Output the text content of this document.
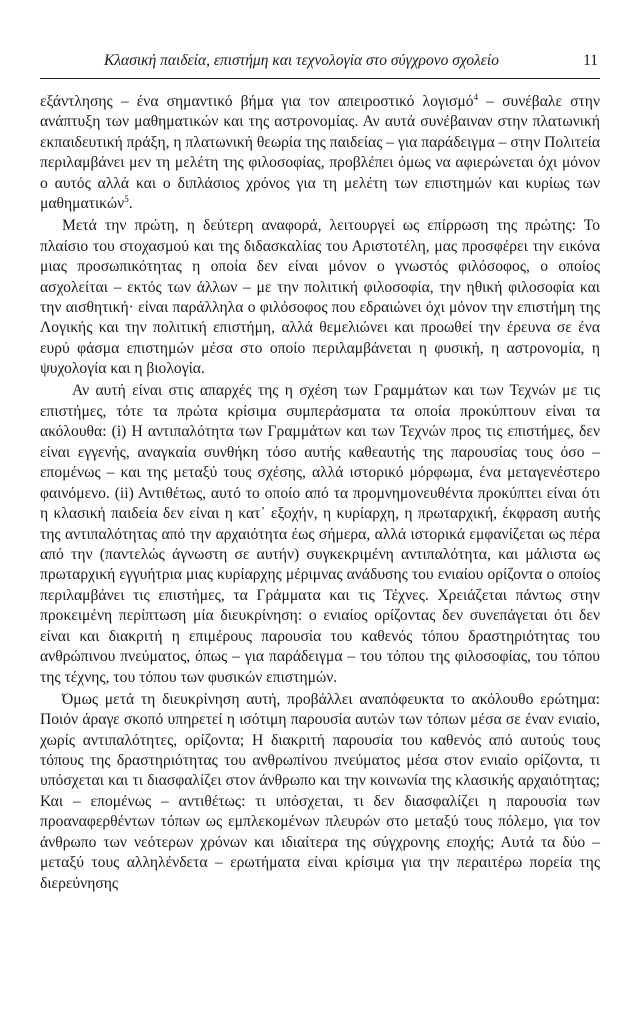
Κλασική παιδεία, επιστήμη και τεχνολογία στο σύγχρονο σχολείο	11

εξάντλησης – ένα σημαντικό βήμα για τον απειροστικό λογισμό$^4$ – συνέβαλε στην ανάπτυξη των μαθηματικών και της αστρονομίας. Αν αυτά συνέβαιναν στην πλατωνική εκπαιδευτική πράξη, η πλατωνική θεωρία της παιδείας – για παράδειγμα – στην Πολιτεία περιλαμβάνει μεν τη μελέτη της φιλοσοφίας, προβλέπει όμως να αφιερώνεται όχι μόνον ο αυτός αλλά και ο διπλάσιος χρόνος για τη μελέτη των επιστημών και κυρίως των μαθηματικών$^5$.

Μετά την πρώτη, η δεύτερη αναφορά, λειτουργεί ως επίρρωση της πρώτης: Το πλαίσιο του στοχασμού και της διδασκαλίας του Αριστοτέλη, μας προσφέρει την εικόνα μιας προσωπικότητας η οποία δεν είναι μόνον ο γνωστός φιλόσοφος, ο οποίος ασχολείται – εκτός των άλλων – με την πολιτική φιλοσοφία, την ηθική φιλοσοφία και την αισθητική· είναι παράλληλα ο φιλόσοφος που εδραιώνει όχι μόνον την επιστήμη της Λογικής και την πολιτική επιστήμη, αλλά θεμελιώνει και προωθεί την έρευνα σε ένα ευρύ φάσμα επιστημών μέσα στο οποίο περιλαμβάνεται η φυσική, η αστρονομία, η ψυχολογία και η βιολογία.

Αν αυτή είναι στις απαρχές της η σχέση των Γραμμάτων και των Τεχνών με τις επιστήμες, τότε τα πρώτα κρίσιμα συμπεράσματα τα οποία προκύπτουν είναι τα ακόλουθα: (i) Η αντιπαλότητα των Γραμμάτων και των Τεχνών προς τις επιστήμες, δεν είναι εγγενής, αναγκαία συνθήκη τόσο αυτής καθεαυτής της παρουσίας τους όσο – επομένως – και της μεταξύ τους σχέσης, αλλά ιστορικό μόρφωμα, ένα μεταγενέστερο φαινόμενο. (ii) Αντιθέτως, αυτό το οποίο από τα προμνημονευθέντα προκύπτει είναι ότι η κλασική παιδεία δεν είναι η κατ᾽ εξοχήν, η κυρίαρχη, η πρωταρχική, έκφραση αυτής της αντιπαλότητας από την αρχαιότητα έως σήμερα, αλλά ιστορικά εμφανίζεται ως πέρα από την (παντελώς άγνωστη σε αυτήν) συγκεκριμένη αντιπαλότητα, και μάλιστα ως πρωταρχική εγγυήτρια μιας κυρίαρχης μέριμνας ανάδυσης του ενιαίου ορίζοντα ο οποίος περιλαμβάνει τις επιστήμες, τα Γράμματα και τις Τέχνες. Χρειάζεται πάντως στην προκειμένη περίπτωση μία διευκρίνηση: ο ενιαίος ορίζοντας δεν συνεπάγεται ότι δεν είναι και διακριτή η επιμέρους παρουσία του καθενός τόπου δραστηριότητας του ανθρώπινου πνεύματος, όπως – για παράδειγμα – του τόπου της φιλοσοφίας, του τόπου της τέχνης, του τόπου των φυσικών επιστημών.

Όμως μετά τη διευκρίνηση αυτή, προβάλλει αναπόφευκτα το ακόλουθο ερώτημα: Ποιόν άραγε σκοπό υπηρετεί η ισότιμη παρουσία αυτών των τόπων μέσα σε έναν ενιαίο, χωρίς αντιπαλότητες, ορίζοντα; Η διακριτή παρουσία του καθενός από αυτούς τους τόπους της δραστηριότητας του ανθρωπίνου πνεύματος μέσα στον ενιαίο ορίζοντα, τι υπόσχεται και τι διασφαλίζει στον άνθρωπο και την κοινωνία της κλασικής αρχαιότητας; Και – επομένως – αντιθέτως: τι υπόσχεται, τι δεν διασφαλίζει η παρουσία των προαναφερθέντων τόπων ως εμπλεκομένων πλευρών στο μεταξύ τους πόλεμο, για τον άνθρωπο των νεότερων χρόνων και ιδιαίτερα της σύγχρονης εποχής; Αυτά τα δύο – μεταξύ τους αλληλένδετα – ερωτήματα είναι κρίσιμα για την περαιτέρω πορεία της διερεύνησης
